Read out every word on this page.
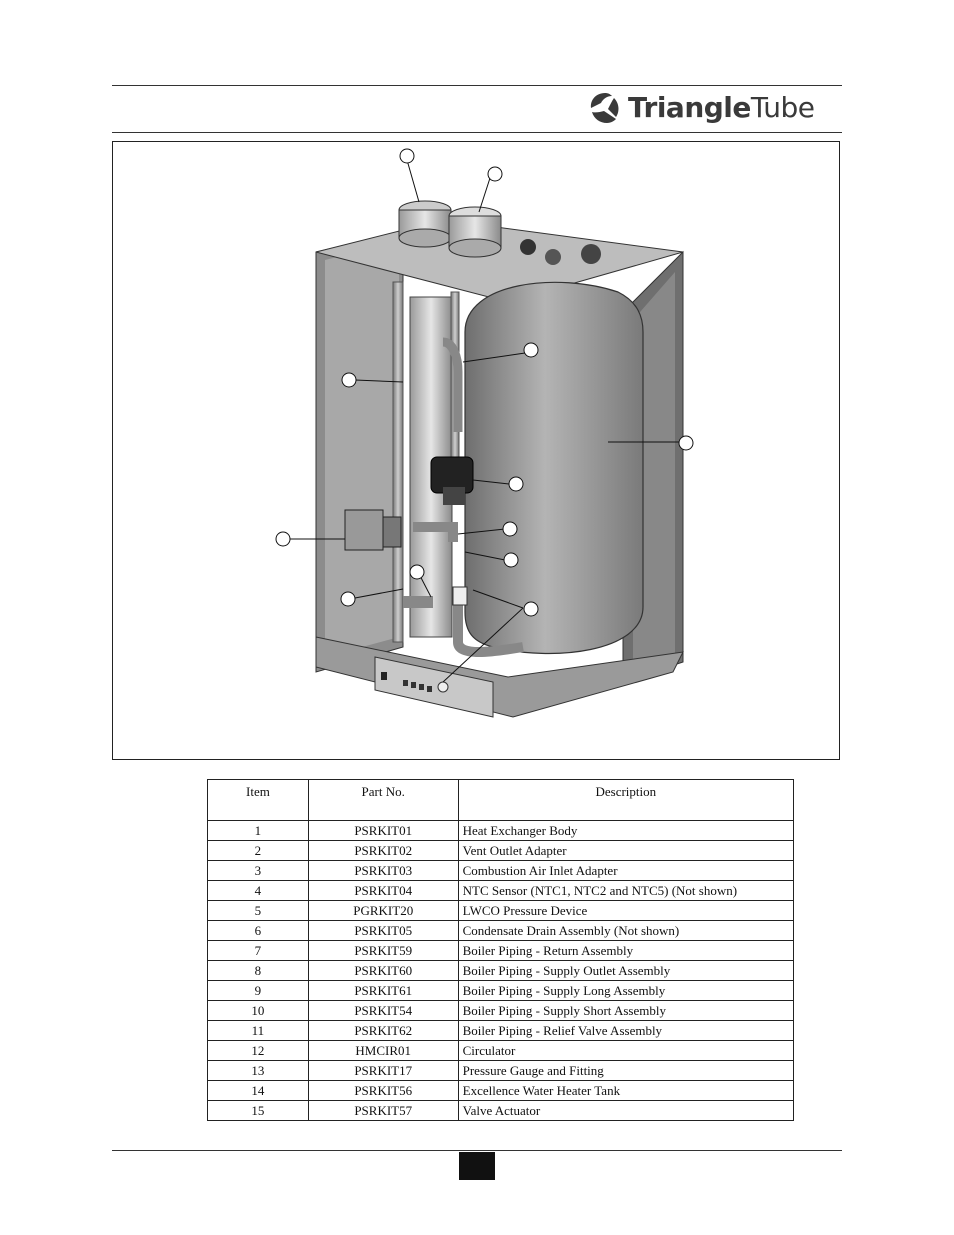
TriangleTube
Item	Part No.	Description
1	PSRKIT01	Heat Exchanger Body
2	PSRKIT02	Vent Outlet Adapter
3	PSRKIT03	Combustion Air Inlet Adapter
4	PSRKIT04	NTC Sensor (NTC1, NTC2 and NTC5) (Not shown)
5	PGRKIT20	LWCO Pressure Device
6	PSRKIT05	Condensate Drain Assembly (Not shown)
7	PSRKIT59	Boiler Piping - Return Assembly
8	PSRKIT60	Boiler Piping - Supply Outlet Assembly
9	PSRKIT61	Boiler Piping - Supply Long Assembly
10	PSRKIT54	Boiler Piping - Supply Short Assembly
11	PSRKIT62	Boiler Piping - Relief Valve Assembly
12	HMCIR01	Circulator
13	PSRKIT17	Pressure Gauge and Fitting
14	PSRKIT56	Excellence Water Heater Tank
15	PSRKIT57	Valve Actuator
